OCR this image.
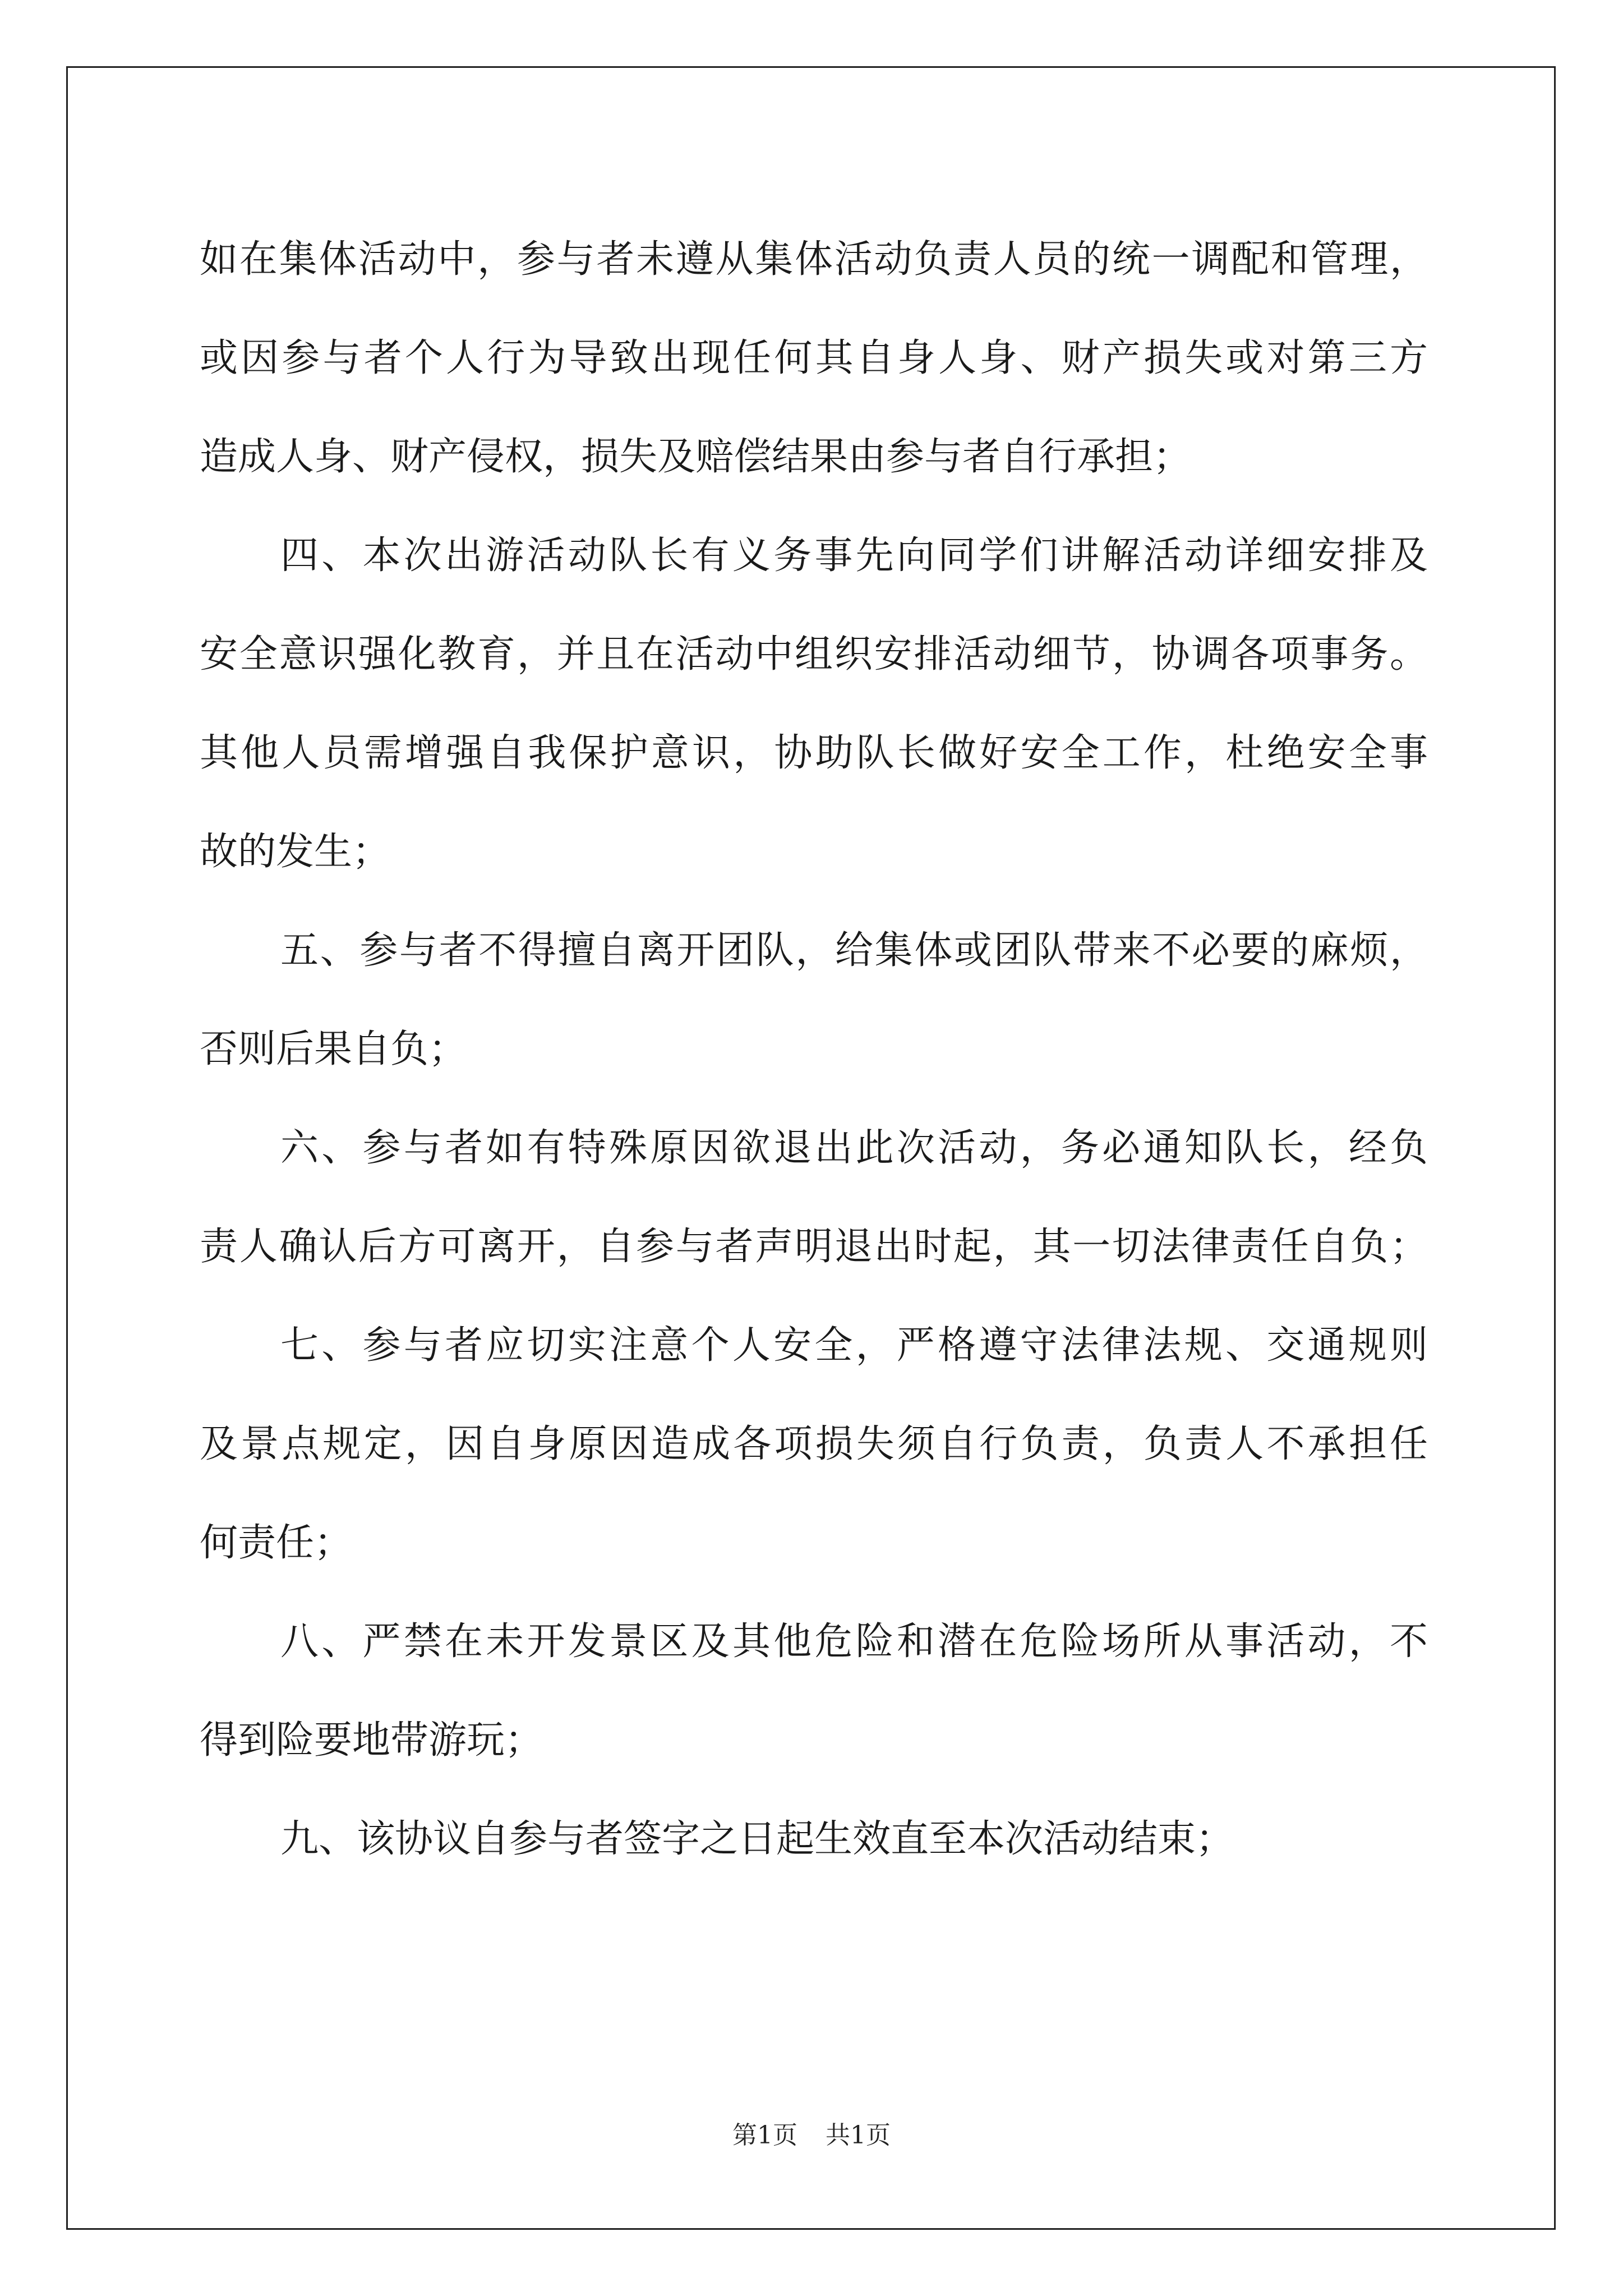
如在集体活动中，参与者未遵从集体活动负责人员的统一调配和管理，
或因参与者个人行为导致出现任何其自身人身、财产损失或对第三方
造成人身、财产侵权，损失及赔偿结果由参与者自行承担；
四、本次出游活动队长有义务事先向同学们讲解活动详细安排及
安全意识强化教育，并且在活动中组织安排活动细节，协调各项事务。
其他人员需增强自我保护意识，协助队长做好安全工作，杜绝安全事
故的发生；
五、参与者不得擅自离开团队，给集体或团队带来不必要的麻烦，
否则后果自负；
六、参与者如有特殊原因欲退出此次活动，务必通知队长，经负
责人确认后方可离开，自参与者声明退出时起，其一切法律责任自负；
七、参与者应切实注意个人安全，严格遵守法律法规、交通规则
及景点规定，因自身原因造成各项损失须自行负责，负责人不承担任
何责任；
八、严禁在未开发景区及其他危险和潜在危险场所从事活动，不
得到险要地带游玩；
九、该协议自参与者签字之日起生效直至本次活动结束；
第1页 共1页
